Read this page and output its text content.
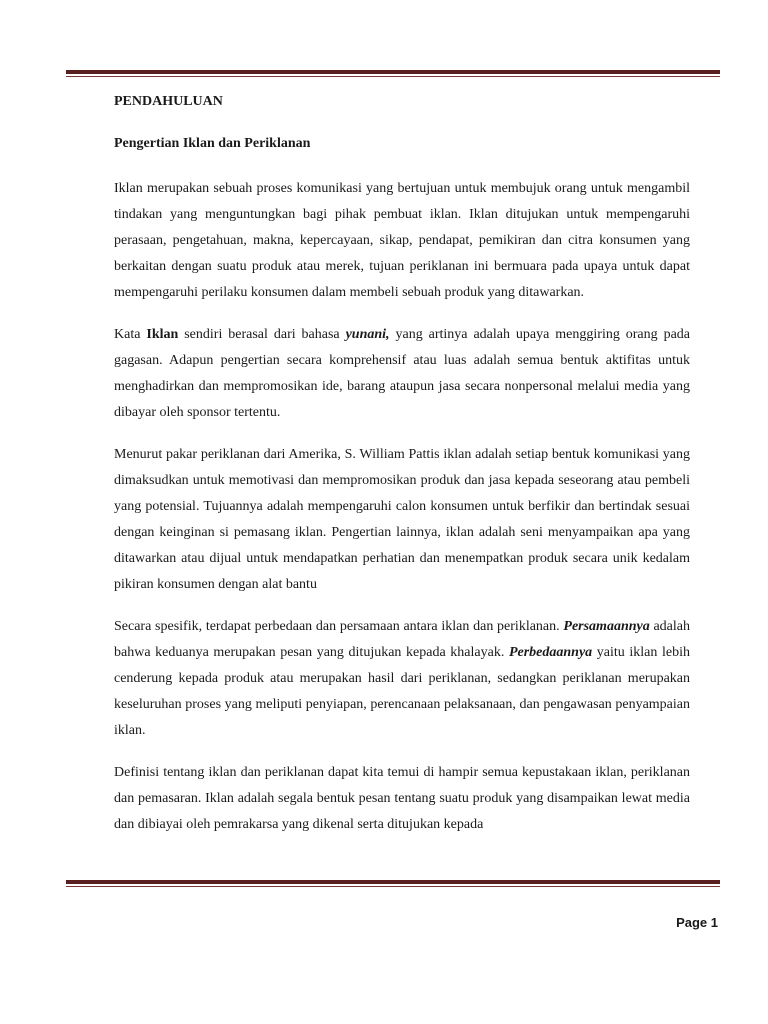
PENDAHULUAN
Pengertian Iklan dan Periklanan

Iklan merupakan sebuah proses komunikasi yang bertujuan untuk membujuk orang untuk mengambil tindakan yang menguntungkan bagi pihak pembuat iklan. Iklan ditujukan untuk mempengaruhi perasaan, pengetahuan, makna, kepercayaan, sikap, pendapat, pemikiran dan citra konsumen yang berkaitan dengan suatu produk atau merek, tujuan periklanan ini bermuara pada upaya untuk dapat mempengaruhi perilaku konsumen dalam membeli sebuah produk yang ditawarkan.

Kata Iklan sendiri berasal dari bahasa yunani, yang artinya adalah upaya menggiring orang pada gagasan. Adapun pengertian secara komprehensif atau luas adalah semua bentuk aktifitas untuk menghadirkan dan mempromosikan ide, barang ataupun jasa secara nonpersonal melalui media yang dibayar oleh sponsor tertentu.

Menurut pakar periklanan dari Amerika, S. William Pattis iklan adalah setiap bentuk komunikasi yang dimaksudkan untuk memotivasi dan mempromosikan produk dan jasa kepada seseorang atau pembeli yang potensial. Tujuannya adalah mempengaruhi calon konsumen untuk berfikir dan bertindak sesuai dengan keinginan si pemasang iklan. Pengertian lainnya, iklan adalah seni menyampaikan apa yang ditawarkan atau dijual untuk mendapatkan perhatian dan menempatkan produk secara unik kedalam pikiran konsumen dengan alat bantu

Secara spesifik, terdapat perbedaan dan persamaan antara iklan dan periklanan. Persamaannya adalah bahwa keduanya merupakan pesan yang ditujukan kepada khalayak. Perbedaannya yaitu iklan lebih cenderung kepada produk atau merupakan hasil dari periklanan, sedangkan periklanan merupakan keseluruhan proses yang meliputi penyiapan, perencanaan pelaksanaan, dan pengawasan penyampaian iklan.

Definisi tentang iklan dan periklanan dapat kita temui di hampir semua kepustakaan iklan, periklanan dan pemasaran. Iklan adalah segala bentuk pesan tentang suatu produk yang disampaikan lewat media dan dibiayai oleh pemrakarsa yang dikenal serta ditujukan kepada

Page 1
